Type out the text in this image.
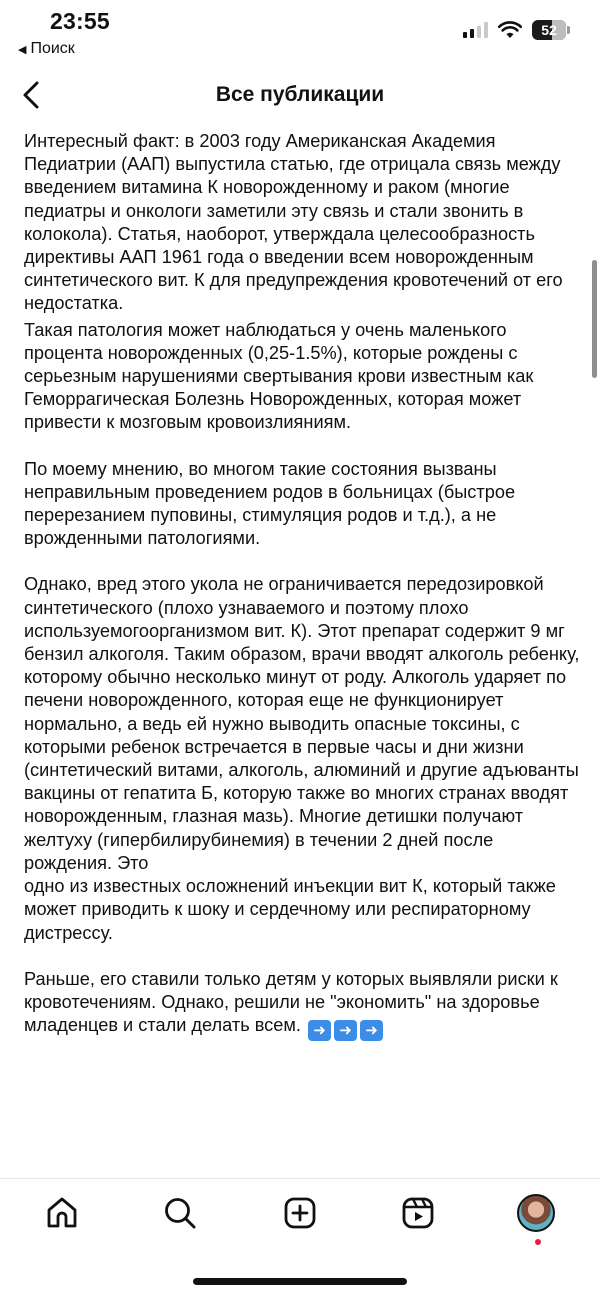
23:55
◀ Поиск
52
Все публикации

Интересный факт: в 2003 году Американская Академия Педиатрии (ААП) выпустила статью, где отрицала связь между введением витамина К новорожденному и раком (многие педиатры и онкологи заметили эту связь и стали звонить в колокола). Статья, наоборот, утверждала целесообразность директивы ААП 1961 года о введении всем новорожденным синтетического вит. К для предупреждения кровотечений от его недостатка.

Такая патология может наблюдаться у очень маленького процента новорожденных (0,25-1.5%), которые рождены с серьезным нарушениями свертывания крови известным как Геморрагическая Болезнь Новорожденных, которая может привести к мозговым кровоизлияниям.

По моему мнению, во многом такие состояния вызваны неправильным проведением родов в больницах (быстрое перерезанием пуповины, стимуляция родов и т.д.), а не врожденными патологиями.

Однако, вред этого укола не ограничивается передозировкой синтетического (плохо узнаваемого и поэтому плохо используемогоорганизмом вит. К). Этот препарат содержит 9 мг бензил алкоголя. Таким образом, врачи вводят алкоголь ребенку, которому обычно несколько минут от роду. Алкоголь ударяет по печени новорожденного, которая еще не функционирует нормально, а ведь ей нужно выводить опасные токсины, с которыми ребенок встречается в первые часы и дни жизни (синтетический витами, алкоголь, алюминий и другие адъюванты вакцины от гепатита Б, которую также во многих странах вводят новорожденным, глазная мазь). Многие детишки получают желтуху (гипербилирубинемия) в течении 2 дней после рождения. Это

одно из известных осложнений инъекции вит К, который также может приводить к шоку и сердечному или респираторному дистрессу.

Раньше, его ставили только детям у которых выявляли риски к кровотечениям. Однако, решили не "экономить" на здоровье младенцев и стали делать всем. ➜ ➜ ➜
